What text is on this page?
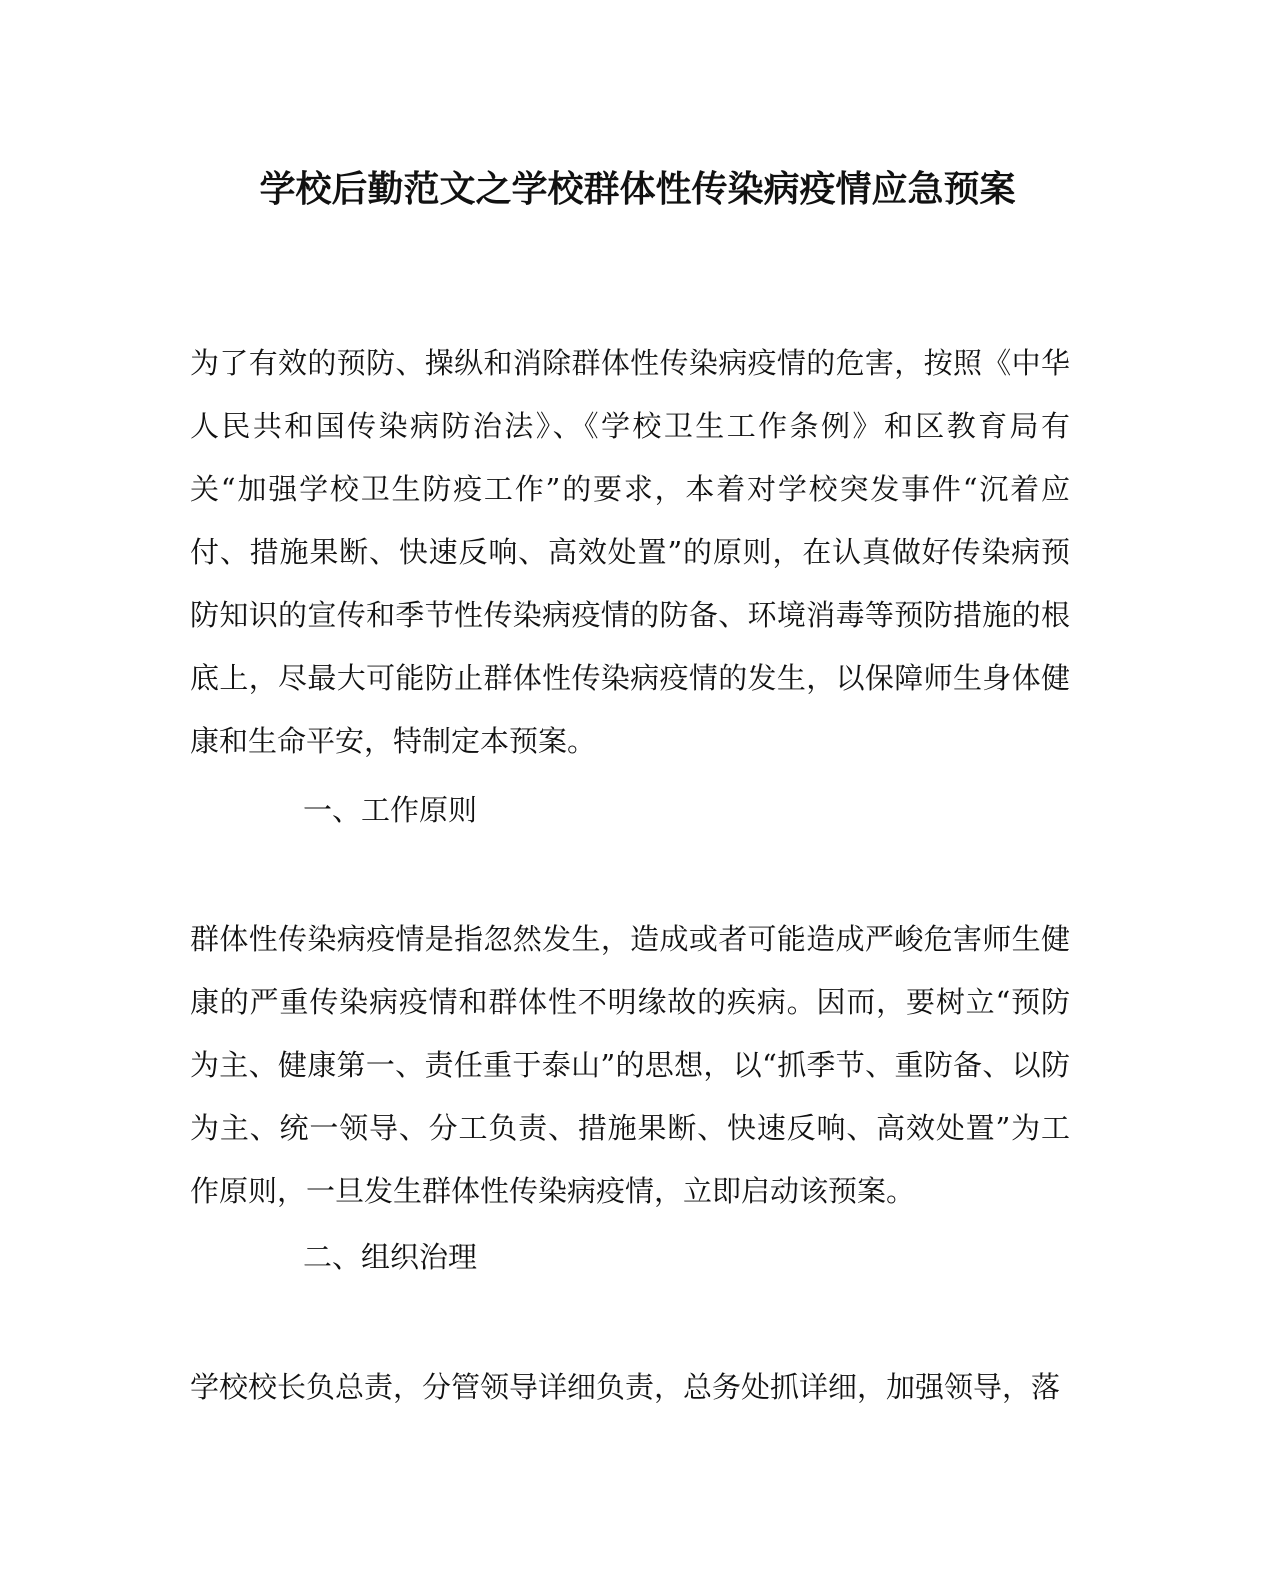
学校后勤范文之学校群体性传染病疫情应急预案

为了有效的预防、操纵和消除群体性传染病疫情的危害，按照《中华人民共和国传染病防治法》、《学校卫生工作条例》和区教育局有关“加强学校卫生防疫工作”的要求，本着对学校突发事件“沉着应付、措施果断、快速反响、高效处置”的原则，在认真做好传染病预防知识的宣传和季节性传染病疫情的防备、环境消毒等预防措施的根底上，尽最大可能防止群体性传染病疫情的发生，以保障师生身体健康和生命平安，特制定本预案。

一、工作原则

群体性传染病疫情是指忽然发生，造成或者可能造成严峻危害师生健康的严重传染病疫情和群体性不明缘故的疾病。因而，要树立“预防为主、健康第一、责任重于泰山”的思想，以“抓季节、重防备、以防为主、统一领导、分工负责、措施果断、快速反响、高效处置”为工作原则，一旦发生群体性传染病疫情，立即启动该预案。

二、组织治理

学校校长负总责，分管领导详细负责，总务处抓详细，加强领导，落
